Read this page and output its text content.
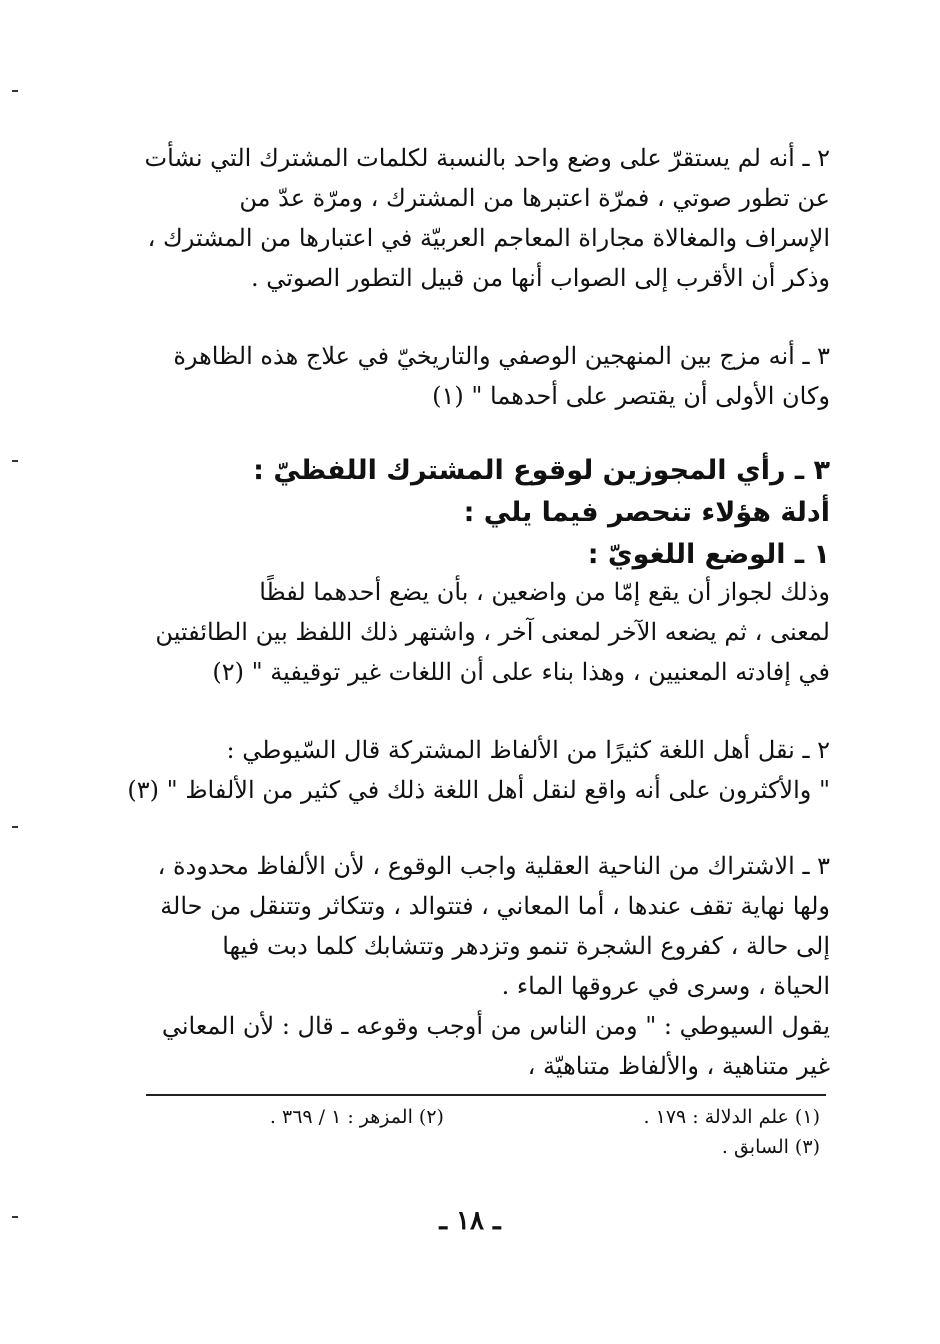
٢ ـ أنه لم يستقرّ على وضع واحد بالنسبة لكلمات المشترك التي نشأت
عن تطور صوتي ، فمرّة اعتبرها من المشترك ، ومرّة عدّ من
الإسراف والمغالاة مجاراة المعاجم العربيّة في اعتبارها من المشترك ،
وذكر أن الأقرب إلى الصواب أنها من قبيل التطور الصوتي .
٣ ـ أنه مزج بين المنهجين الوصفي والتاريخيّ في علاج هذه الظاهرة
وكان الأولى أن يقتصر على أحدهما " (١)
٣ ـ رأي المجوزين لوقوع المشترك اللفظيّ :
أدلة هؤلاء تنحصر فيما يلي :
١ ـ الوضع اللغويّ :
وذلك لجواز أن يقع إمّا من واضعين ، بأن يضع أحدهما لفظًا
لمعنى ، ثم يضعه الآخر لمعنى آخر ، واشتهر ذلك اللفظ بين الطائفتين
في إفادته المعنيين ، وهذا بناء على أن اللغات غير توقيفية " (٢)
٢ ـ نقل أهل اللغة كثيرًا من الألفاظ المشتركة قال السّيوطي :
" والأكثرون على أنه واقع لنقل أهل اللغة ذلك في كثير من الألفاظ " (٣)
٣ ـ الاشتراك من الناحية العقلية واجب الوقوع ، لأن الألفاظ محدودة ،
ولها نهاية تقف عندها ، أما المعاني ، فتتوالد ، وتتكاثر وتتنقل من حالة
إلى حالة ، كفروع الشجرة تنمو وتزدهر وتتشابك كلما دبت فيها
الحياة ، وسرى في عروقها الماء .
يقول السيوطي : " ومن الناس من أوجب وقوعه ـ قال : لأن المعاني
غير متناهية ، والألفاظ متناهيّة ،
(١) علم الدلالة : ١٧٩ . (٢) المزهر : ١ / ٣٦٩ .
(٣) السابق .
ـ ١٨ ـ
